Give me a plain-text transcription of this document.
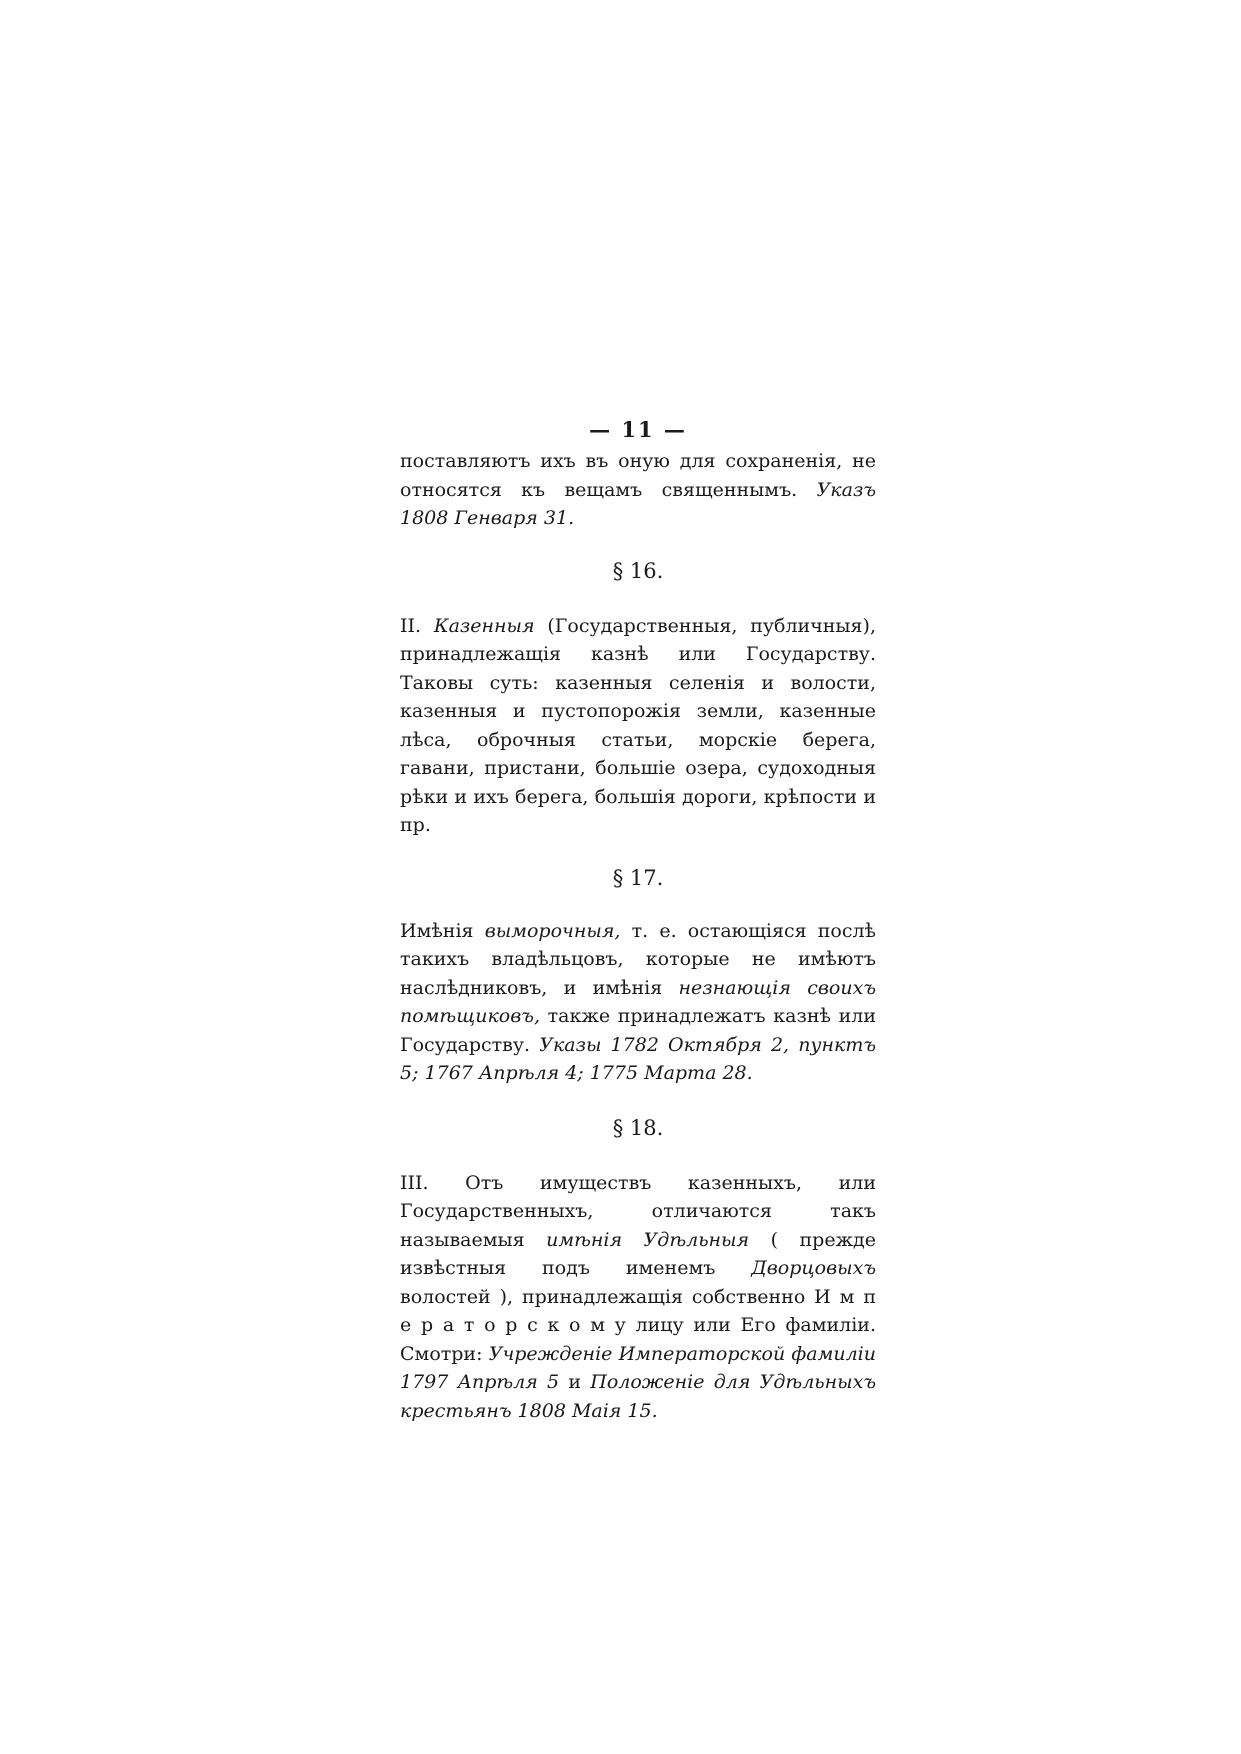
— 11 —

поставляютъ ихъ въ оную для сохраненія, не относятся къ вещамъ священнымъ. Указъ 1808 Генваря 31.

§ 16.

II. Казенныя (Государственныя, публичныя), принадлежащія казнѣ или Государству. Таковы суть: казенныя селенія и волости, казенныя и пустопорожія земли, казенные лѣса, оброчныя статьи, морскіе берега, гавани, пристани, большіе озера, судоходныя рѣки и ихъ берега, большія дороги, крѣпости и пр.

§ 17.

Имѣнія выморочныя, т. е. остающіяся послѣ такихъ владѣльцовъ, которые не имѣютъ наслѣдниковъ, и имѣнія незнающія своихъ помѣщиковъ, также принадлежатъ казнѣ или Государству. Указы 1782 Октября 2, пунктъ 5; 1767 Апрѣля 4; 1775 Марта 28.

§ 18.

III. Отъ имуществъ казенныхъ, или Государственныхъ, отличаются такъ называемыя имѣнія Удѣльныя ( прежде извѣстныя подъ именемъ Дворцовыхъ волостей ), принадлежащія собственно И м п е р а т о р с к о м у лицу или Его фамиліи. Смотри: Учрежденіе Императорской фамиліи 1797 Апрѣля 5 и Положеніе для Удѣльныхъ крестьянъ 1808 Маія 15.
